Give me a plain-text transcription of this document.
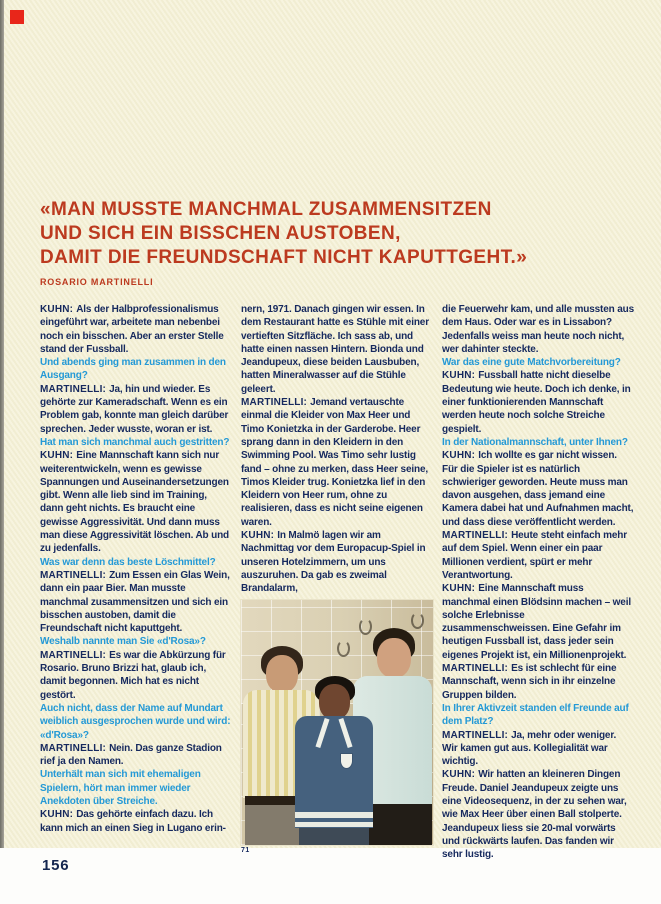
«MAN MUSSTE MANCHMAL ZUSAMMENSITZEN
UND SICH EIN BISSCHEN AUSTOBEN,
DAMIT DIE FREUNDSCHAFT NICHT KAPUTTGEHT.»
ROSARIO MARTINELLI

KUHN: Als der Halbprofessionalismus eingeführt war, arbeitete man nebenbei noch ein bisschen. Aber an erster Stelle stand der Fussball.

Und abends ging man zusammen in den Ausgang?

MARTINELLI: Ja, hin und wieder. Es gehörte zur Kameradschaft. Wenn es ein Problem gab, konnte man gleich darüber sprechen. Jeder wusste, woran er ist.

Hat man sich manchmal auch gestritten?

KUHN: Eine Mannschaft kann sich nur weiterentwickeln, wenn es gewisse Spannungen und Auseinandersetzungen gibt. Wenn alle lieb sind im Training, dann geht nichts. Es braucht eine gewisse Aggressivität. Und dann muss man diese Aggressivität löschen. Ab und zu jedenfalls.

Was war denn das beste Löschmittel?

MARTINELLI: Zum Essen ein Glas Wein, dann ein paar Bier. Man musste manchmal zusammensitzen und sich ein bisschen austoben, damit die Freundschaft nicht kaputtgeht.

Weshalb nannte man Sie «d'Rosa»?

MARTINELLI: Es war die Abkürzung für Rosario. Bruno Brizzi hat, glaub ich, damit begonnen. Mich hat es nicht gestört.

Auch nicht, dass der Name auf Mundart weiblich ausgesprochen wurde und wird: «d'Rosa»?

MARTINELLI: Nein. Das ganze Stadion rief ja den Namen.

Unterhält man sich mit ehemaligen Spielern, hört man immer wieder Anekdoten über Streiche.

KUHN: Das gehörte einfach dazu. Ich kann mich an einen Sieg in Lugano erin-

nern, 1971. Danach gingen wir essen. In dem Restaurant hatte es Stühle mit einer vertieften Sitzfläche. Ich sass ab, und hatte einen nassen Hintern. Bionda und Jeandupeux, diese beiden Lausbuben, hatten Mineralwasser auf die Stühle geleert.

MARTINELLI: Jemand vertauschte einmal die Kleider von Max Heer und Timo Konietzka in der Garderobe. Heer sprang dann in den Kleidern in den Swimming Pool. Was Timo sehr lustig fand – ohne zu merken, dass Heer seine, Timos Kleider trug. Konietzka lief in den Kleidern von Heer rum, ohne zu realisieren, dass es nicht seine eigenen waren.

KUHN: In Malmö lagen wir am Nachmittag vor dem Europacup-Spiel in unseren Hotelzimmern, um uns auszuruhen. Da gab es zweimal Brandalarm,

71

die Feuerwehr kam, und alle mussten aus dem Haus. Oder war es in Lissabon? Jedenfalls weiss man heute noch nicht, wer dahinter steckte.

War das eine gute Matchvorbereitung?

KUHN: Fussball hatte nicht dieselbe Bedeutung wie heute. Doch ich denke, in einer funktionierenden Mannschaft werden heute noch solche Streiche gespielt.

In der Nationalmannschaft, unter Ihnen?

KUHN: Ich wollte es gar nicht wissen. Für die Spieler ist es natürlich schwieriger geworden. Heute muss man davon ausgehen, dass jemand eine Kamera dabei hat und Aufnahmen macht, und dass diese veröffentlicht werden.

MARTINELLI: Heute steht einfach mehr auf dem Spiel. Wenn einer ein paar Millionen verdient, spürt er mehr Verantwortung.

KUHN: Eine Mannschaft muss manchmal einen Blödsinn machen – weil solche Erlebnisse zusammenschweissen. Eine Gefahr im heutigen Fussball ist, dass jeder sein eigenes Projekt ist, ein Millionenprojekt.

MARTINELLI: Es ist schlecht für eine Mannschaft, wenn sich in ihr einzelne Gruppen bilden.

In Ihrer Aktivzeit standen elf Freunde auf dem Platz?

MARTINELLI: Ja, mehr oder weniger. Wir kamen gut aus. Kollegialität war wichtig.

KUHN: Wir hatten an kleineren Dingen Freude. Daniel Jeandupeux zeigte uns eine Videosequenz, in der zu sehen war, wie Max Heer über einen Ball stolperte. Jeandupeux liess sie 20-mal vorwärts und rückwärts laufen. Das fanden wir sehr lustig.

156
